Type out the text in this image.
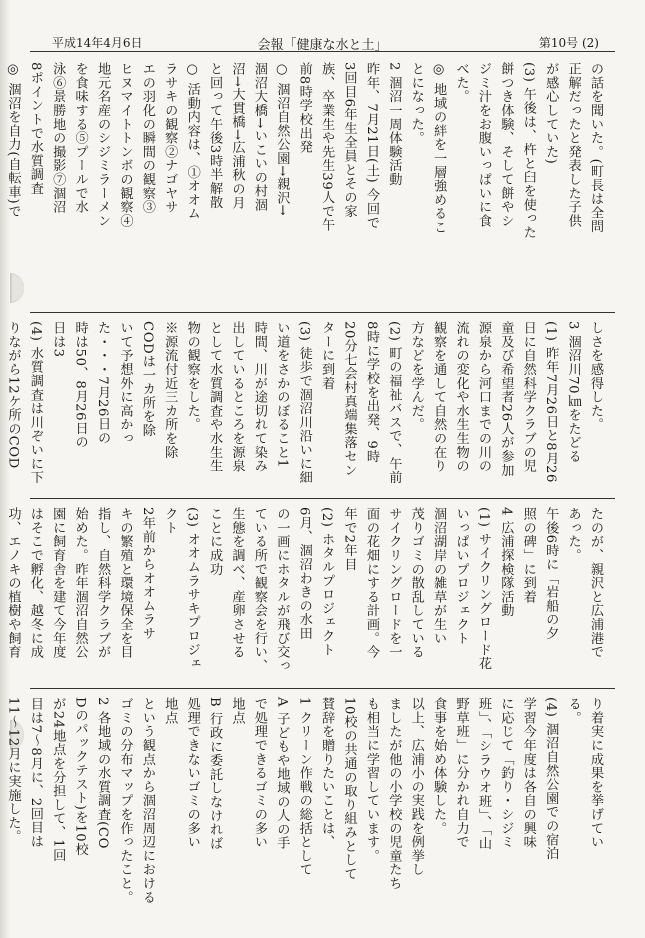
平成14年4月6日	会報「健康な水と土」	第10号 (2)

の話を聞いた。(町長は全問

正解だったと発表した子供

が感心していた)

(3) 午後は、杵と臼を使った

餅つき体験、そして餅やシ

ジミ汁をお腹いっぱいに食

べた。

◎ 地域の絆を一層強めるこ

とになった。

2 涸沼一周体験活動

昨年、7月21日(土) 今回で

3回目6年生全員とその家

族、卒業生や先生39人で午

前8時学校出発

○ 涸沼自然公園→親沢→

涸沼大橋→いこいの村涸

沼→大貫橋→広浦秋の月

と回って午後3時半解散

○ 活動内容は、①オオム

ラサキの観察②ナゴヤサ

エの羽化の瞬間の観察③

ヒヌマイトトンボの観察④

地元名産のシジミラーメン

を食味する⑤プールで水

泳⑥景勝地の撮影⑦涸沼

8ポイントで水質調査

◎ 涸沼を自力(自転車)で

しさを感得した。

3 涸沼川70㎞をたどる

(1) 昨年7月26日と8月26

日に自然科学クラブの児

童及び希望者26人が参加

源泉から河口までの川の

流れの変化や水生生物の

観察を通して自然の在り

方などを学んだ。

(2) 町の福祉バスで、午前

8時に学校を出発、9時

20分七会村真端集落セン

ターに到着

(3) 徒歩で涸沼川沿いに細

い道をさかのぼること1

時間、川が途切れて染み

出しているところを源泉

として水質調査や水生生

物の観察をした。

※源流付近三カ所を除

CODは一カ所を除

いて予想外に高かっ

た・・・7月26日の

時は50、8月26日の

日は3

(4) 水質調査は川ぞいに下

りながら12ケ所のCOD

たのが、親沢と広浦港で

あった。

午後6時に「岩船の夕

照の碑」に到着

4 広浦探検隊活動

(1) サイクリングロード花

いっぱいプロジェクト

涸沼湖岸の雑草が生い

茂りゴミの散乱している

サイクリングロードを一

面の花畑にする計画。今

年で2年目

(2) ホタルプロジェクト

6月、涸沼わきの水田

の一画にホタルが飛び交っ

ている所で観察会を行い、

生態を調べ、産卵させる

ことに成功

(3) オオムラサキプロジェクト

2年前からオオムラサ

キの繁殖と環境保全を目

指し、自然科学クラブが

始めた。昨年涸沼自然公

園に飼育舎を建て今年度

はそこで孵化、越冬に成

功、エノキの植樹や飼育

り着実に成果を挙げてい

る。

(4) 涸沼自然公園での宿泊

学習今年度は各自の興味

に応じて「釣り・シジミ

班」、「シラウオ班」、「山

野草班」に分かれ自力で

食事を始め体験した。

以上、広浦小の実践を例挙し

ましたが他の小学校の児童たち

も相当に学習しています。

10校の共通の取り組みとして

賛辞を贈りたいことは、

1 クリーン作戦の総括として

A 子どもや地域の人の手

で処理できるゴミの多い

地点

B 行政に委託しなければ

処理できないゴミの多い

地点

という観点から涸沼周辺における

ゴミの分布マップを作ったこと。

2 各地域の水質調査(CO

Dのパックテスト)を10校

が24地点を分担して、1回

目は7～8月に、2回目は

11～12月に実施した。
